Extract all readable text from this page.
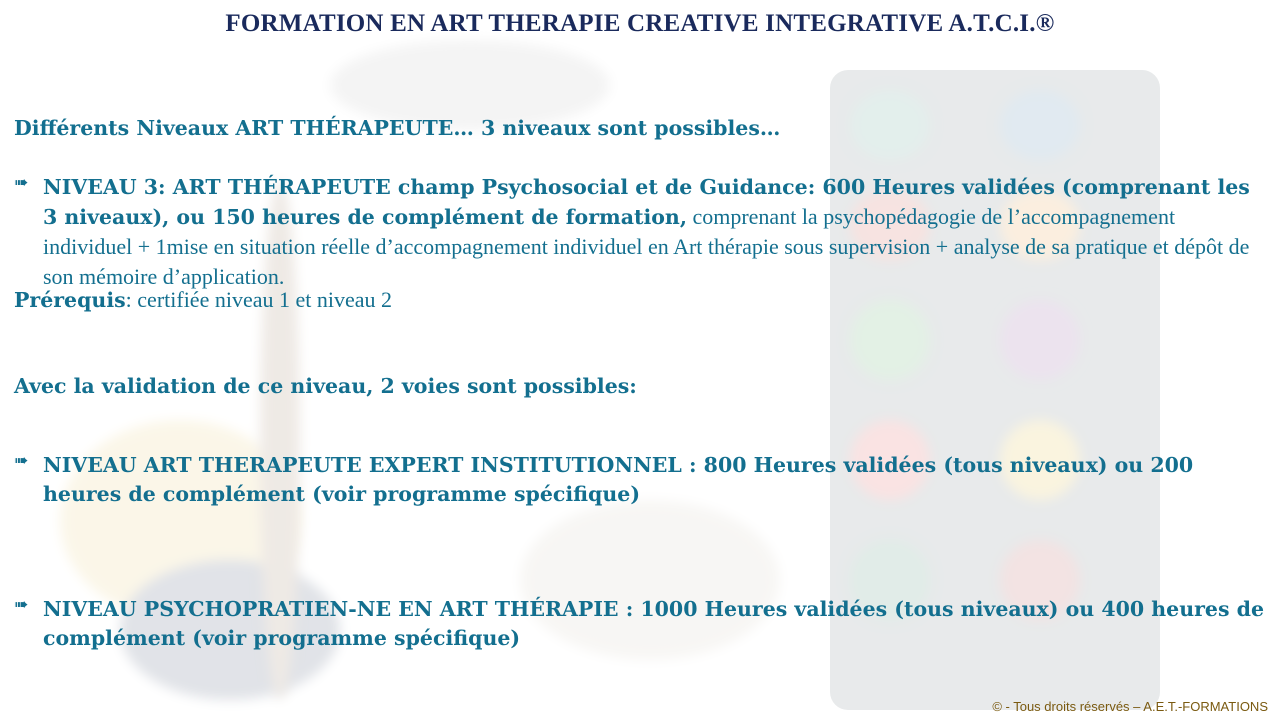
FORMATION EN ART THERAPIE CREATIVE INTEGRATIVE A.T.C.I.®
Différents Niveaux ART THÉRAPEUTE… 3 niveaux sont possibles…
➠ NIVEAU 3: ART THÉRAPEUTE champ Psychosocial et de Guidance: 600 Heures validées (comprenant les 3 niveaux), ou 150 heures de complément de formation, comprenant la psychopédagogie de l’accompagnement individuel + 1mise en situation réelle d’accompagnement individuel en Art thérapie sous supervision + analyse de sa pratique et dépôt de son mémoire d’application.
Prérequis: certifiée niveau 1 et niveau 2
Avec la validation de ce niveau, 2 voies sont possibles:
➠ NIVEAU ART THERAPEUTE EXPERT INSTITUTIONNEL : 800 Heures validées (tous niveaux) ou 200 heures de complément (voir programme spécifique)
➠ NIVEAU PSYCHOPRATIEN-NE EN ART THÉRAPIE : 1000 Heures validées (tous niveaux) ou 400 heures de complément (voir programme spécifique)
© - Tous droits réservés – A.E.T.-FORMATIONS
